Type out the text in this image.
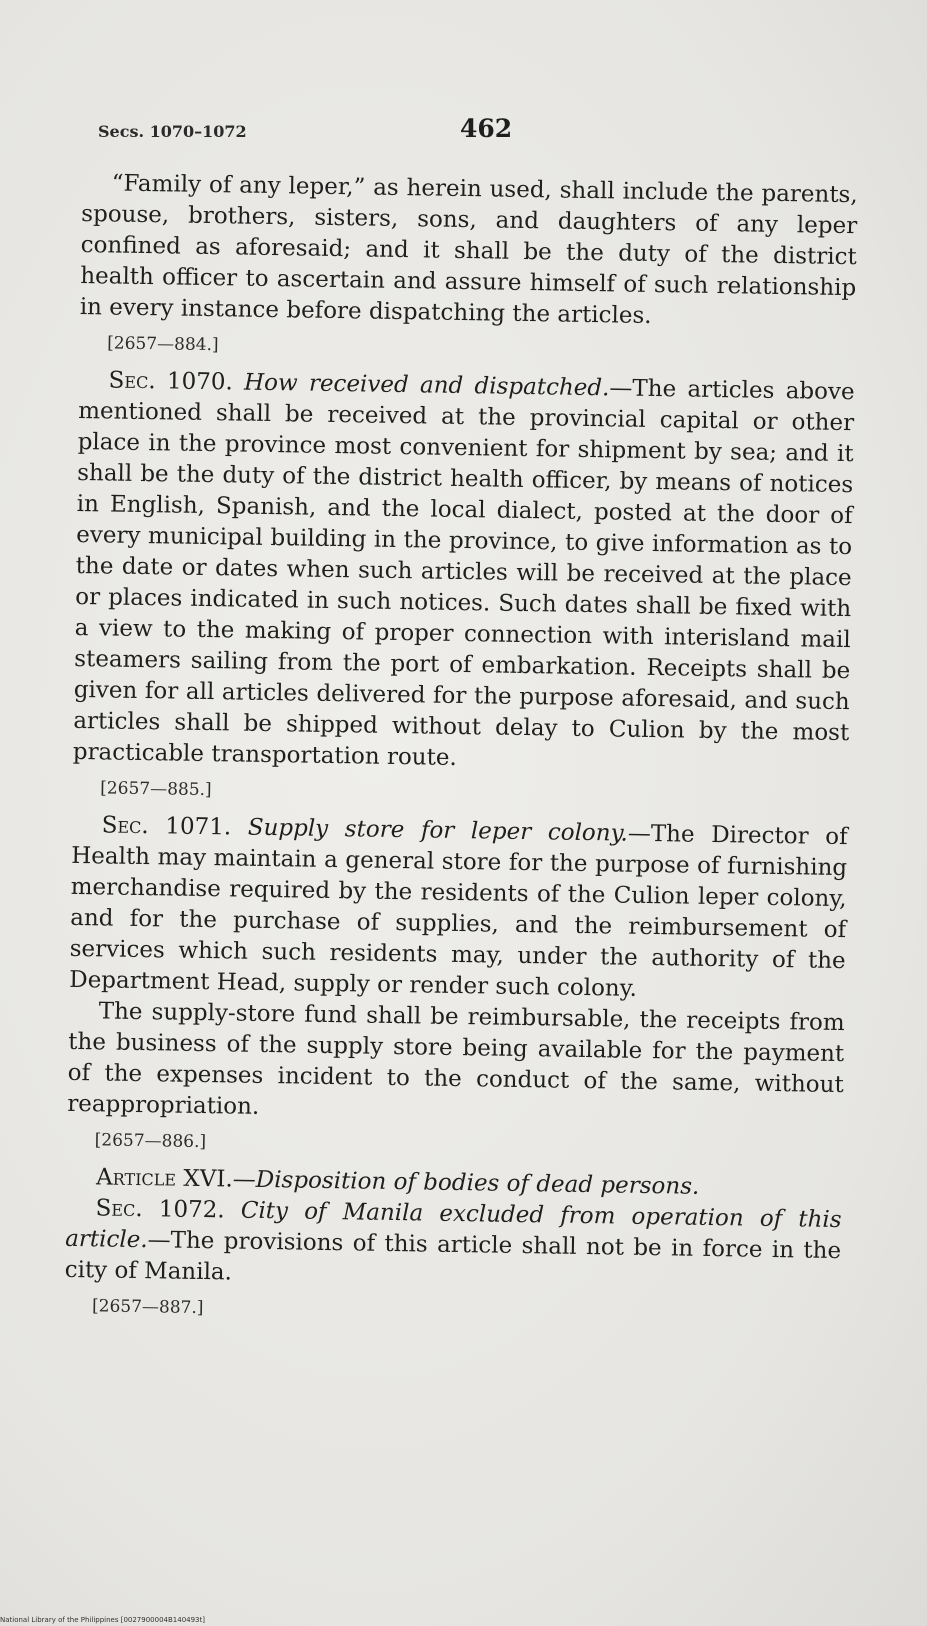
Secs. 1070–1072	462

“Family of any leper,” as herein used, shall include the parents, spouse, brothers, sisters, sons, and daughters of any leper confined as aforesaid; and it shall be the duty of the district health officer to ascertain and assure himself of such relationship in every instance before dispatching the articles.

[2657—884.]

Sec. 1070. How received and dispatched.—The articles above mentioned shall be received at the provincial capital or other place in the province most convenient for shipment by sea; and it shall be the duty of the district health officer, by means of notices in English, Spanish, and the local dialect, posted at the door of every municipal building in the province, to give information as to the date or dates when such articles will be received at the place or places indicated in such notices. Such dates shall be fixed with a view to the making of proper connection with interisland mail steamers sailing from the port of embarkation. Receipts shall be given for all articles delivered for the purpose aforesaid, and such articles shall be shipped without delay to Culion by the most practicable transportation route.

[2657—885.]

Sec. 1071. Supply store for leper colony.—The Director of Health may maintain a general store for the purpose of furnishing merchandise required by the residents of the Culion leper colony, and for the purchase of supplies, and the reimbursement of services which such residents may, under the authority of the Department Head, supply or render such colony.

The supply-store fund shall be reimbursable, the receipts from the business of the supply store being available for the payment of the expenses incident to the conduct of the same, without reappropriation.

[2657—886.]

Article XVI.—Disposition of bodies of dead persons.

Sec. 1072. City of Manila excluded from operation of this article.—The provisions of this article shall not be in force in the city of Manila.

[2657—887.]

National Library of the Philippines [0027900004B140493t]
